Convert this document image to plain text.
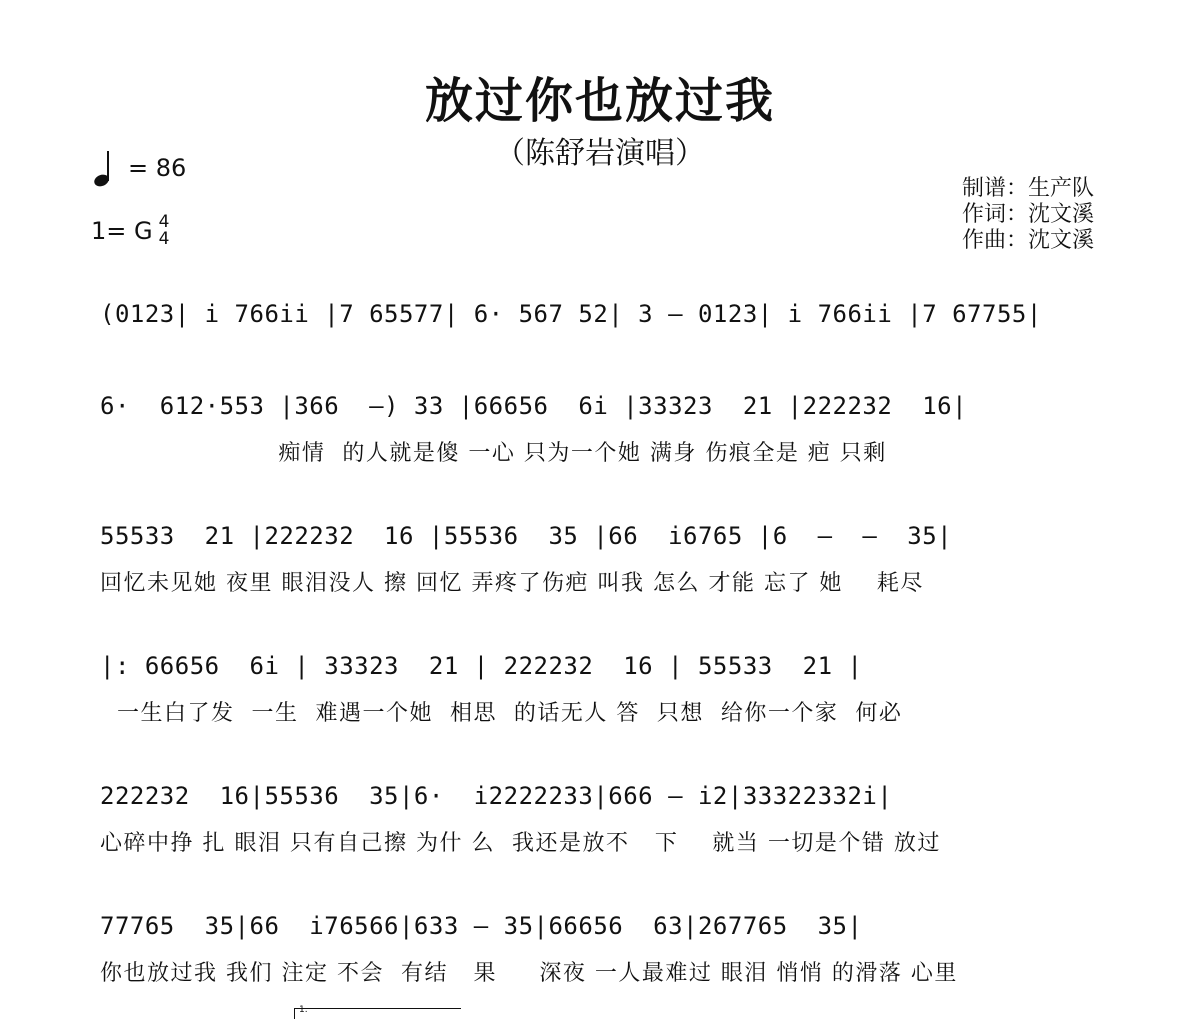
放过你也放过我
（陈舒岩演唱）
= 86
1= G 4
4
制谱：生产队
作词：沈文溪
作曲：沈文溪
(0123| i 766ii |7 65577| 6· 567 52| 3 — 0123| i 766ii |7 67755|
6·  612·553 |366  —) 33 |66656  6i |33323  21 |222232  16|
痴情  的人就是傻 一心 只为一个她 满身 伤痕全是 疤 只剩
55533  21 |222232  16 |55536  35 |66  i6765 |6  —  —  35|
回忆未见她 夜里 眼泪没人 擦 回忆 弄疼了伤疤 叫我 怎么 才能 忘了 她    耗尽
|: 66656  6i | 33323  21 | 222232  16 | 55533  21 |
一生白了发  一生  难遇一个她  相思  的话无人 答  只想  给你一个家  何必
222232  16|55536  35|6·  i2222233|666 — i2|33322332i|
心碎中挣 扎 眼泪 只有自己擦 为什 么  我还是放不   下    就当 一切是个错 放过
77765  35|66  i76566|633 — 35|66656  63|267765  35|
你也放过我 我们 注定 不会  有结   果     深夜 一人最难过 眼泪 悄悄 的滑落 心里
1.
